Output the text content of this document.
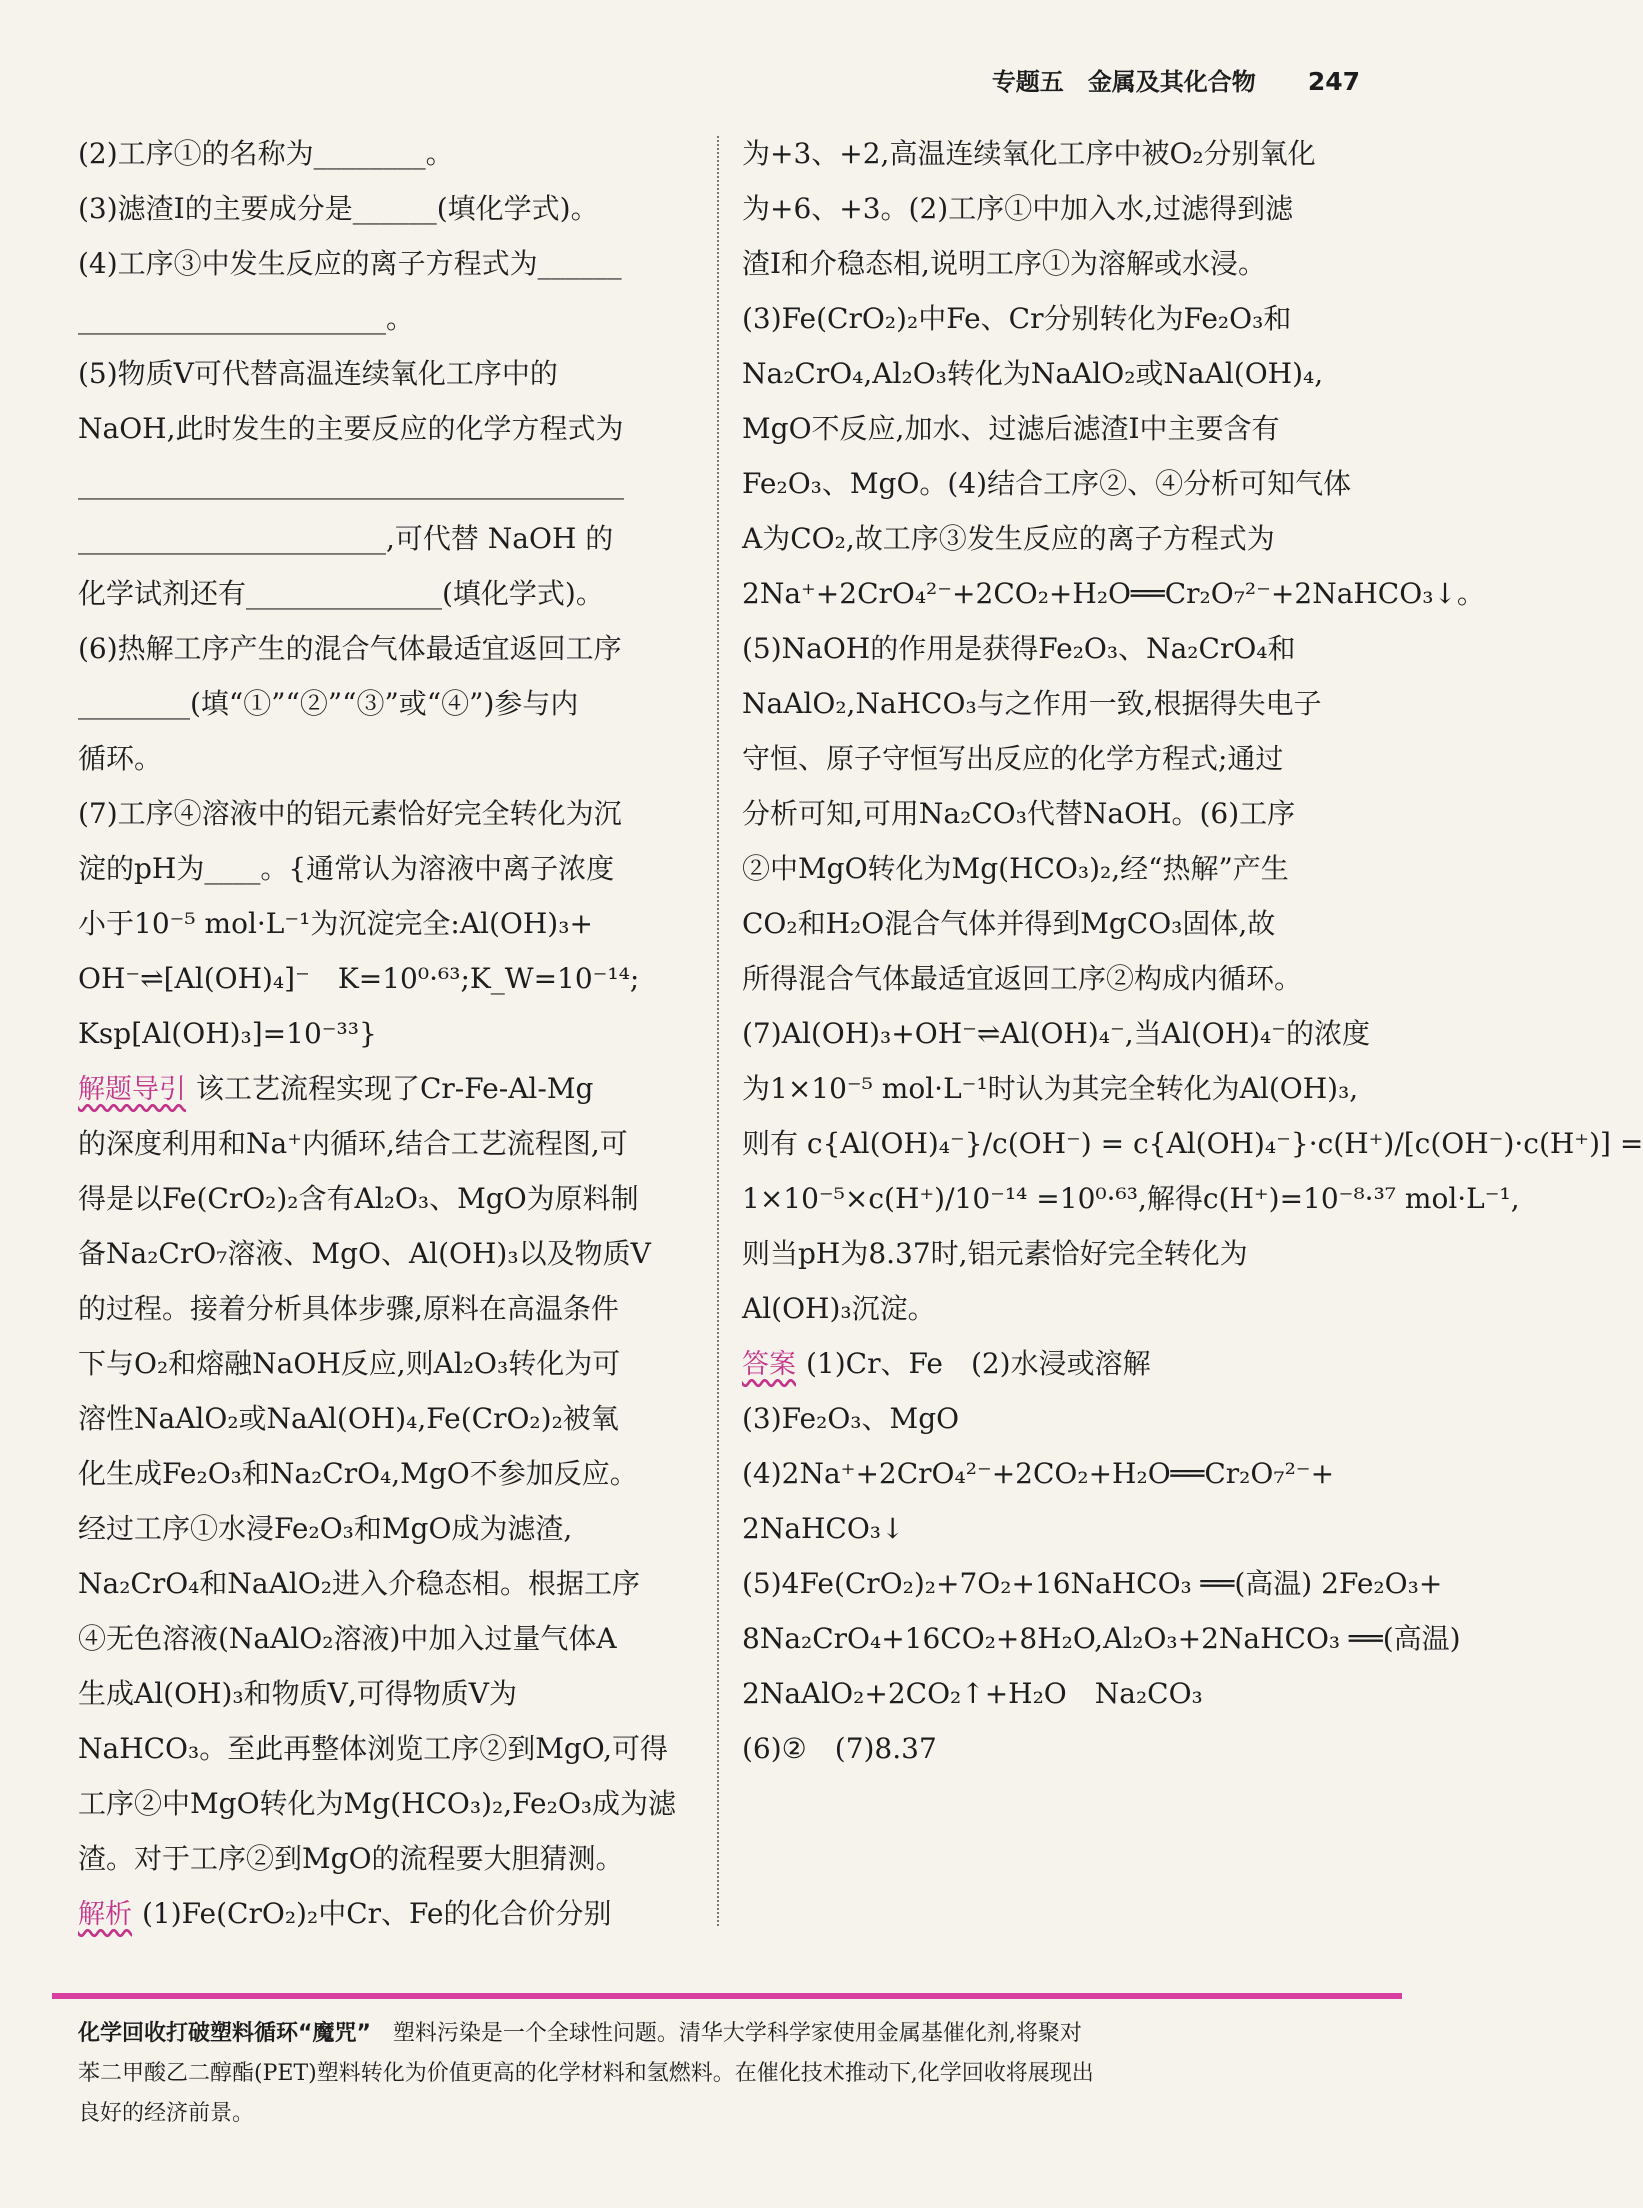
专题五 金属及其化合物 247
(2)工序①的名称为________。
(3)滤渣Ⅰ的主要成分是______(填化学式)。
(4)工序③中发生反应的离子方程式为______
______________________。
(5)物质Ⅴ可代替高温连续氧化工序中的
NaOH,此时发生的主要反应的化学方程式为
_______________________________________
______________________,可代替 NaOH 的
化学试剂还有______________(填化学式)。
(6)热解工序产生的混合气体最适宜返回工序
________(填“①”“②”“③”或“④”)参与内
循环。
(7)工序④溶液中的铝元素恰好完全转化为沉
淀的pH为____。{通常认为溶液中离子浓度
小于10⁻⁵ mol·L⁻¹为沉淀完全:Al(OH)₃+
OH⁻⇌[Al(OH)₄]⁻　K=10⁰·⁶³;K_W=10⁻¹⁴;
Ksp[Al(OH)₃]=10⁻³³}
解题导引 该工艺流程实现了Cr-Fe-Al-Mg
的深度利用和Na⁺内循环,结合工艺流程图,可
得是以Fe(CrO₂)₂含有Al₂O₃、MgO为原料制
备Na₂CrO₇溶液、MgO、Al(OH)₃以及物质Ⅴ
的过程。接着分析具体步骤,原料在高温条件
下与O₂和熔融NaOH反应,则Al₂O₃转化为可
溶性NaAlO₂或NaAl(OH)₄,Fe(CrO₂)₂被氧
化生成Fe₂O₃和Na₂CrO₄,MgO不参加反应。
经过工序①水浸Fe₂O₃和MgO成为滤渣,
Na₂CrO₄和NaAlO₂进入介稳态相。根据工序
④无色溶液(NaAlO₂溶液)中加入过量气体A
生成Al(OH)₃和物质Ⅴ,可得物质Ⅴ为
NaHCO₃。至此再整体浏览工序②到MgO,可得
工序②中MgO转化为Mg(HCO₃)₂,Fe₂O₃成为滤
渣。对于工序②到MgO的流程要大胆猜测。
解析 (1)Fe(CrO₂)₂中Cr、Fe的化合价分别
为+3、+2,高温连续氧化工序中被O₂分别氧化
为+6、+3。(2)工序①中加入水,过滤得到滤
渣Ⅰ和介稳态相,说明工序①为溶解或水浸。
(3)Fe(CrO₂)₂中Fe、Cr分别转化为Fe₂O₃和
Na₂CrO₄,Al₂O₃转化为NaAlO₂或NaAl(OH)₄,
MgO不反应,加水、过滤后滤渣Ⅰ中主要含有
Fe₂O₃、MgO。(4)结合工序②、④分析可知气体
A为CO₂,故工序③发生反应的离子方程式为
2Na⁺+2CrO₄²⁻+2CO₂+H₂O══Cr₂O₇²⁻+2NaHCO₃↓。
(5)NaOH的作用是获得Fe₂O₃、Na₂CrO₄和
NaAlO₂,NaHCO₃与之作用一致,根据得失电子
守恒、原子守恒写出反应的化学方程式;通过
分析可知,可用Na₂CO₃代替NaOH。(6)工序
②中MgO转化为Mg(HCO₃)₂,经“热解”产生
CO₂和H₂O混合气体并得到MgCO₃固体,故
所得混合气体最适宜返回工序②构成内循环。
(7)Al(OH)₃+OH⁻⇌Al(OH)₄⁻,当Al(OH)₄⁻的浓度
为1×10⁻⁵ mol·L⁻¹时认为其完全转化为Al(OH)₃,
则有 c{Al(OH)₄⁻}/c(OH⁻) = c{Al(OH)₄⁻}·c(H⁺)/[c(OH⁻)·c(H⁺)] =
1×10⁻⁵×c(H⁺)/10⁻¹⁴ =10⁰·⁶³,解得c(H⁺)=10⁻⁸·³⁷ mol·L⁻¹,
则当pH为8.37时,铝元素恰好完全转化为
Al(OH)₃沉淀。
答案 (1)Cr、Fe　(2)水浸或溶解
(3)Fe₂O₃、MgO
(4)2Na⁺+2CrO₄²⁻+2CO₂+H₂O══Cr₂O₇²⁻+
2NaHCO₃↓
(5)4Fe(CrO₂)₂+7O₂+16NaHCO₃ ══(高温) 2Fe₂O₃+
8Na₂CrO₄+16CO₂+8H₂O,Al₂O₃+2NaHCO₃ ══(高温)
2NaAlO₂+2CO₂↑+H₂O　Na₂CO₃
(6)②　(7)8.37
化学回收打破塑料循环“魔咒” 塑料污染是一个全球性问题。清华大学科学家使用金属基催化剂,将聚对
苯二甲酸乙二醇酯(PET)塑料转化为价值更高的化学材料和氢燃料。在催化技术推动下,化学回收将展现出
良好的经济前景。
